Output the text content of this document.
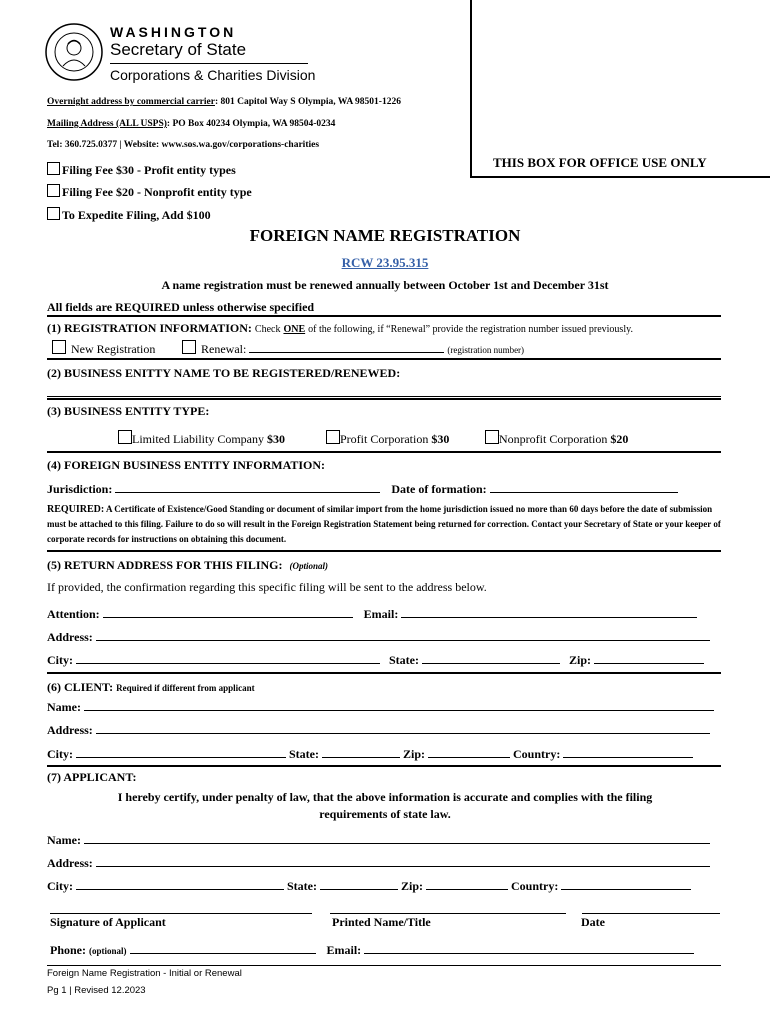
WASHINGTON
Secretary of State
Corporations & Charities Division
Overnight address by commercial carrier: 801 Capitol Way S Olympia, WA 98501-1226
Mailing Address (ALL USPS): PO Box 40234 Olympia, WA 98504-0234
Tel: 360.725.0377 | Website: www.sos.wa.gov/corporations-charities
THIS BOX FOR OFFICE USE ONLY
Filing Fee $30 - Profit entity types
Filing Fee $20 - Nonprofit entity type
To Expedite Filing, Add $100
FOREIGN NAME REGISTRATION
RCW 23.95.315
A name registration must be renewed annually between October 1st and December 31st
All fields are REQUIRED unless otherwise specified
(1) REGISTRATION INFORMATION: Check ONE of the following, if “Renewal” provide the registration number issued previously.
New Registration	Renewal:	(registration number)
(2) BUSINESS ENITTY NAME TO BE REGISTERED/RENEWED:
(3) BUSINESS ENTITY TYPE:
Limited Liability Company $30	Profit Corporation $30	Nonprofit Corporation $20
(4) FOREIGN BUSINESS ENTITY INFORMATION:
Jurisdiction:	Date of formation:
REQUIRED: A Certificate of Existence/Good Standing or document of similar import from the home jurisdiction issued no more than 60 days before the date of submission must be attached to this filing. Failure to do so will result in the Foreign Registration Statement being returned for correction. Contact your Secretary of State or your keeper of corporate records for instructions on obtaining this document.
(5) RETURN ADDRESS FOR THIS FILING: (Optional)
If provided, the confirmation regarding this specific filing will be sent to the address below.
Attention:	Email:
Address:
City:	State:	Zip:
(6) CLIENT: Required if different from applicant
Name:
Address:
City:	State:	Zip:	Country:
(7) APPLICANT:
I hereby certify, under penalty of law, that the above information is accurate and complies with the filing
requirements of state law.
Name:
Address:
City:	State:	Zip:	Country:
Signature of Applicant	Printed Name/Title	Date
Phone: (optional)	Email:
Foreign Name Registration - Initial or Renewal
Pg 1 | Revised 12.2023
